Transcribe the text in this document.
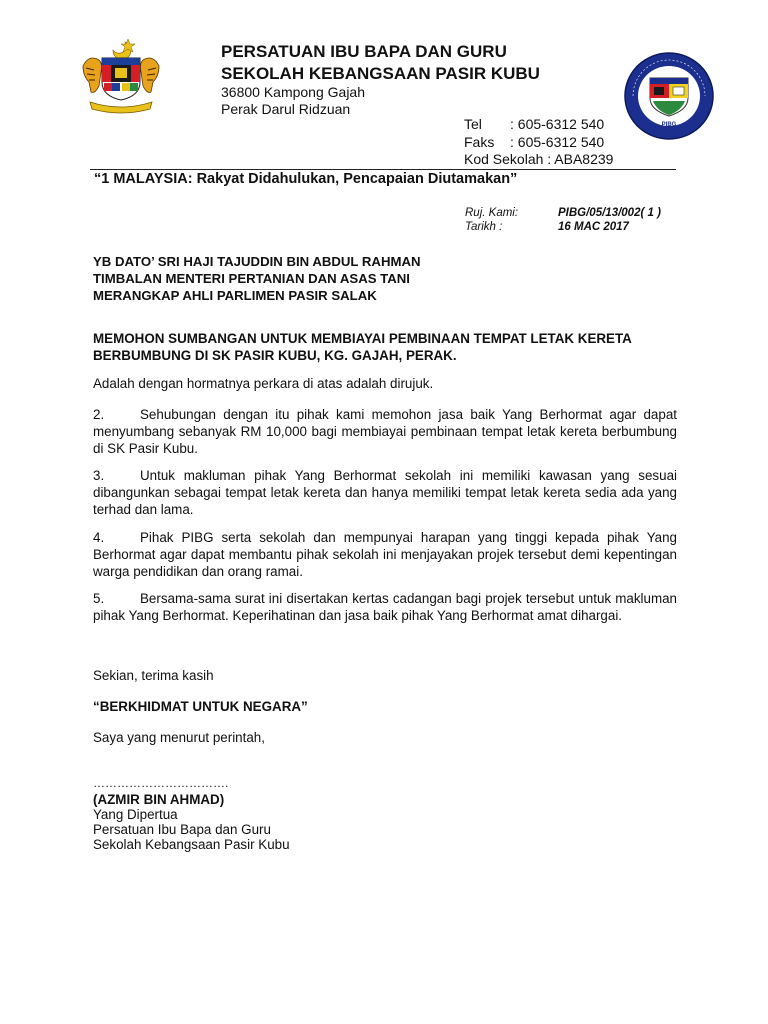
PERSATUAN IBU BAPA DAN GURU
SEKOLAH KEBANGSAAN PASIR KUBU
36800 Kampong Gajah
Perak Darul Ridzuan
Tel : 605-6312 540
Faks : 605-6312 540
Kod Sekolah : ABA8239
PIBG
“1 MALAYSIA: Rakyat Didahulukan, Pencapaian Diutamakan”
Ruj. Kami:	PIBG/05/13/002( 1 )
Tarikh :	16 MAC 2017
YB DATO’ SRI HAJI TAJUDDIN BIN ABDUL RAHMAN
TIMBALAN MENTERI PERTANIAN DAN ASAS TANI
MERANGKAP AHLI PARLIMEN PASIR SALAK
MEMOHON SUMBANGAN UNTUK MEMBIAYAI PEMBINAAN TEMPAT LETAK KERETA BERBUMBUNG DI SK PASIR KUBU, KG. GAJAH, PERAK.
Adalah dengan hormatnya perkara di atas adalah dirujuk.
2.	Sehubungan dengan itu pihak kami memohon jasa baik Yang Berhormat agar dapat menyumbang sebanyak RM 10,000 bagi membiayai pembinaan tempat letak kereta berbumbung di SK Pasir Kubu.
3.	Untuk makluman pihak Yang Berhormat sekolah ini memiliki kawasan yang sesuai dibangunkan sebagai tempat letak kereta dan hanya memiliki tempat letak kereta sedia ada yang terhad dan lama.
4.	Pihak PIBG serta sekolah dan mempunyai harapan yang tinggi kepada pihak Yang Berhormat agar dapat membantu pihak sekolah ini menjayakan projek tersebut demi kepentingan warga pendidikan dan orang ramai.
5.	Bersama-sama surat ini disertakan kertas cadangan bagi projek tersebut untuk makluman pihak Yang Berhormat. Keperihatinan dan jasa baik pihak Yang Berhormat amat dihargai.
Sekian, terima kasih
“BERKHIDMAT UNTUK NEGARA”
Saya yang menurut perintah,
…………………………….
(AZMIR BIN AHMAD)
Yang Dipertua
Persatuan Ibu Bapa dan Guru
Sekolah Kebangsaan Pasir Kubu
